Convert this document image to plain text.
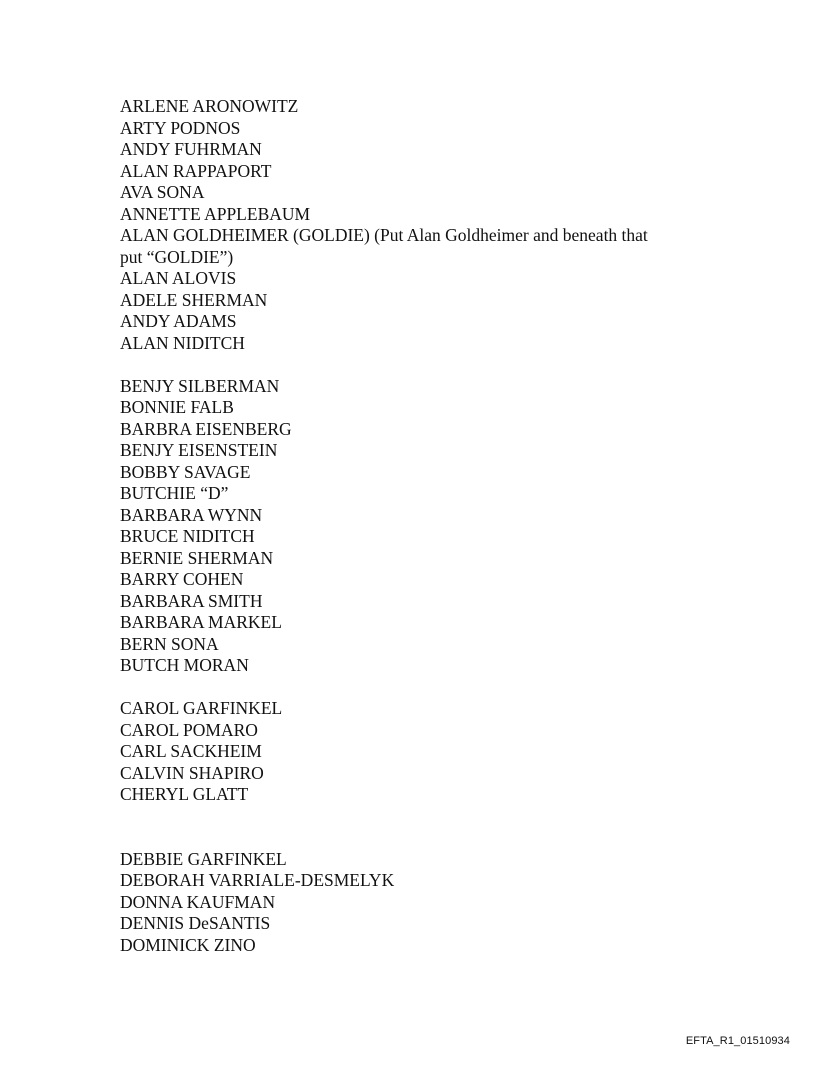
ARLENE ARONOWITZ
ARTY PODNOS
ANDY FUHRMAN
ALAN RAPPAPORT
AVA SONA
ANNETTE APPLEBAUM
ALAN GOLDHEIMER (GOLDIE) (Put Alan Goldheimer and beneath that
put “GOLDIE”)
ALAN ALOVIS
ADELE SHERMAN
ANDY ADAMS
ALAN NIDITCH
BENJY SILBERMAN
BONNIE FALB
BARBRA EISENBERG
BENJY EISENSTEIN
BOBBY SAVAGE
BUTCHIE “D”
BARBARA WYNN
BRUCE NIDITCH
BERNIE SHERMAN
BARRY COHEN
BARBARA SMITH
BARBARA MARKEL
BERN SONA
BUTCH MORAN
CAROL GARFINKEL
CAROL POMARO
CARL SACKHEIM
CALVIN SHAPIRO
CHERYL GLATT
DEBBIE GARFINKEL
DEBORAH VARRIALE-DESMELYK
DONNA KAUFMAN
DENNIS DeSANTIS
DOMINICK ZINO
EFTA_R1_01510934
